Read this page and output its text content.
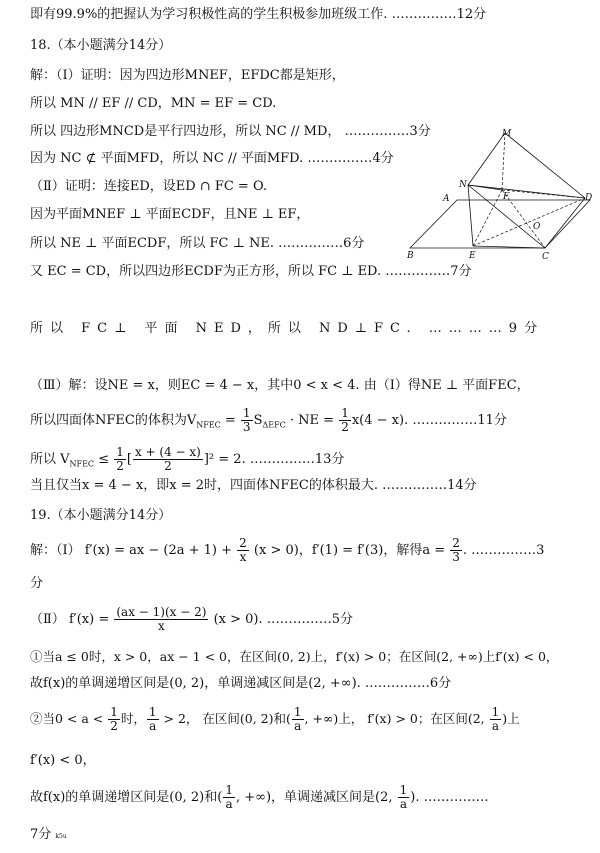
即有99.9%的把握认为学习积极性高的学生积极参加班级工作. ……………12分
18.（本小题满分14分）
解：（Ⅰ）证明：因为四边形MNEF，EFDC都是矩形，
所以 MN // EF // CD，MN = EF = CD.
所以 四边形MNCD是平行四边形，所以 NC // MD， ……………3分
因为 NC ⊄ 平面MFD，所以 NC // 平面MFD. ……………4分
（Ⅱ）证明：连接ED，设ED ∩ FC = O.
因为平面MNEF ⊥ 平面ECDF，且NE ⊥ EF，
所以 NE ⊥ 平面ECDF，所以 FC ⊥ NE. ……………6分
又 EC = CD，所以四边形ECDF为正方形，所以 FC ⊥ ED. ……………7分
所以 FC⊥ 平面 NED，所以 ND⊥FC. …………9分
（Ⅲ）解：设NE = x，则EC = 4 − x，其中0 < x < 4. 由（Ⅰ）得NE ⊥ 平面FEC，
所以四面体NFEC的体积为$V_{NFEC} = \frac{1}{3} S_{\Delta EFC}$ · NE = $\frac{1}{2} x(4 - x)$. ……………11分
所以 $V_{NFEC} \le \frac{1}{2}$ [ $\frac{x + (4 - x)}{2} ]^2 = 2$. ……………13分
当且仅当x = 4 − x，即x = 2时，四面体NFEC的体积最大. ……………14分
19.（本小题满分14分）
解：（Ⅰ） f′(x) = ax − $(2a + 1) + \frac{2}{x} (x > 0)$，f′(1) = f′(3)，解得$a = \frac{2}{3}$ . ……………3
分
（Ⅱ） $f'(x) = \frac{(ax - 1)(x - 2)}{x} (x > 0)$. ……………5分
①当a ≤ 0时，x > 0，ax − 1 < 0，在区间(0, 2)上，f′(x) > 0；在区间(2, +∞)上f′(x) < 0，
故f(x)的单调递增区间是(0, 2)，单调递减区间是(2, +∞). ……………6分
②当$0 < a < \frac{1}{2}$ 时， $\frac{1}{a} > 2$， 在区间(0, 2)和( $\frac{1}{a}$ , +∞)上， f′(x) > 0；在区间(2, $\frac{1}{a}$ )上
f′(x) < 0，
故f(x)的单调递增区间是(0, 2)和( $\frac{1}{a}$ , +∞)，单调递减区间是(2, $\frac{1}{a}$ ). ……………
7分 k5u
M
N
A	F	D
O
B	E	C
